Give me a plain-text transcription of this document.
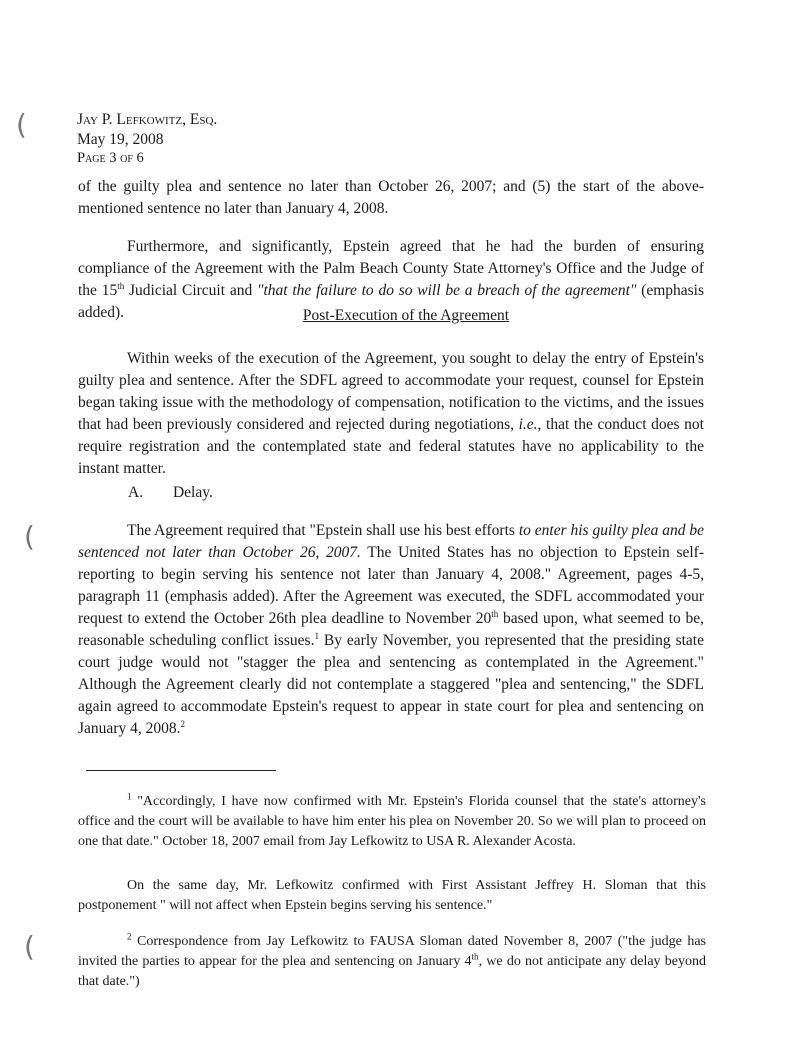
(
(
(

Jay P. Lefkowitz, Esq.

May 19, 2008

Page 3 of 6

of the guilty plea and sentence no later than October 26, 2007; and (5) the start of the above-mentioned sentence no later than January 4, 2008.

Furthermore, and significantly, Epstein agreed that he had the burden of ensuring compliance of the Agreement with the Palm Beach County State Attorney's Office and the Judge of the 15th Judicial Circuit and "that the failure to do so will be a breach of the agreement" (emphasis added).	Post-Execution of the Agreement

Within weeks of the execution of the Agreement, you sought to delay the entry of Epstein's guilty plea and sentence. After the SDFL agreed to accommodate your request, counsel for Epstein began taking issue with the methodology of compensation, notification to the victims, and the issues that had been previously considered and rejected during negotiations, i.e., that the conduct does not require registration and the contemplated state and federal statutes have no applicability to the instant matter.

A. Delay.

The Agreement required that "Epstein shall use his best efforts to enter his guilty plea and be sentenced not later than October 26, 2007. The United States has no objection to Epstein self-reporting to begin serving his sentence not later than January 4, 2008." Agreement, pages 4-5, paragraph 11 (emphasis added). After the Agreement was executed, the SDFL accommodated your request to extend the October 26th plea deadline to November 20th based upon, what seemed to be, reasonable scheduling conflict issues.$^1$ By early November, you represented that the presiding state court judge would not "stagger the plea and sentencing as contemplated in the Agreement." Although the Agreement clearly did not contemplate a staggered "plea and sentencing," the SDFL again agreed to accommodate Epstein's request to appear in state court for plea and sentencing on January 4, 2008.$^2$

$^1$ "Accordingly, I have now confirmed with Mr. Epstein's Florida counsel that the state's attorney's office and the court will be available to have him enter his plea on November 20. So we will plan to proceed on one that date." October 18, 2007 email from Jay Lefkowitz to USA R. Alexander Acosta.

On the same day, Mr. Lefkowitz confirmed with First Assistant Jeffrey H. Sloman that this postponement " will not affect when Epstein begins serving his sentence."

$^2$ Correspondence from Jay Lefkowitz to FAUSA Sloman dated November 8, 2007 ("the judge has invited the parties to appear for the plea and sentencing on January 4th, we do not anticipate any delay beyond that date.")
